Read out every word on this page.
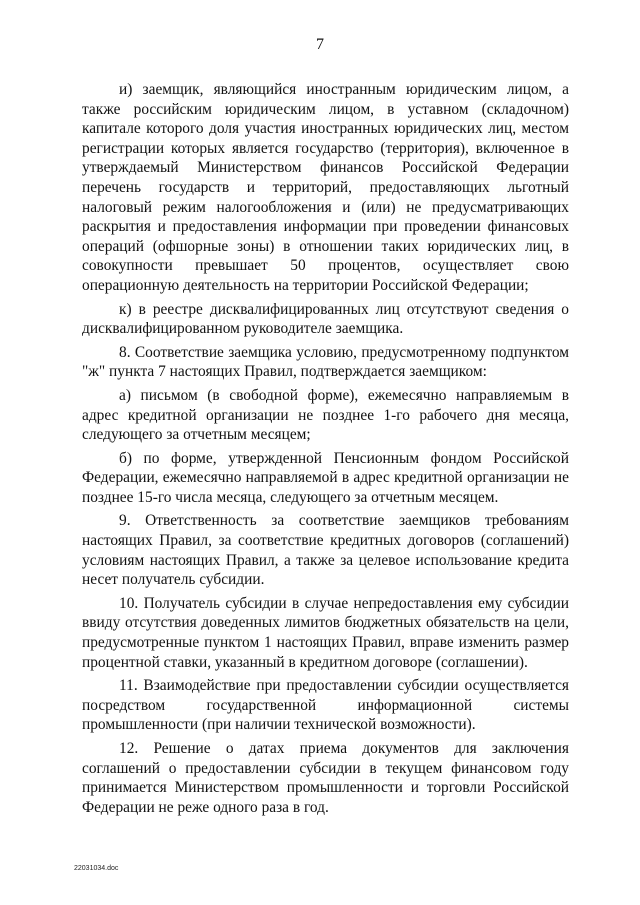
7

и) заемщик, являющийся иностранным юридическим лицом, а также российским юридическим лицом, в уставном (складочном) капитале которого доля участия иностранных юридических лиц, местом регистрации которых является государство (территория), включенное в утверждаемый Министерством финансов Российской Федерации перечень государств и территорий, предоставляющих льготный налоговый режим налогообложения и (или) не предусматривающих раскрытия и предоставления информации при проведении финансовых операций (офшорные зоны) в отношении таких юридических лиц, в совокупности превышает 50 процентов, осуществляет свою операционную деятельность на территории Российской Федерации;

к) в реестре дисквалифицированных лиц отсутствуют сведения о дисквалифицированном руководителе заемщика.

8. Соответствие заемщика условию, предусмотренному подпунктом "ж" пункта 7 настоящих Правил, подтверждается заемщиком:

а) письмом (в свободной форме), ежемесячно направляемым в адрес кредитной организации не позднее 1-го рабочего дня месяца, следующего за отчетным месяцем;

б) по форме, утвержденной Пенсионным фондом Российской Федерации, ежемесячно направляемой в адрес кредитной организации не позднее 15-го числа месяца, следующего за отчетным месяцем.

9. Ответственность за соответствие заемщиков требованиям настоящих Правил, за соответствие кредитных договоров (соглашений) условиям настоящих Правил, а также за целевое использование кредита несет получатель субсидии.

10. Получатель субсидии в случае непредоставления ему субсидии ввиду отсутствия доведенных лимитов бюджетных обязательств на цели, предусмотренные пунктом 1 настоящих Правил, вправе изменить размер процентной ставки, указанный в кредитном договоре (соглашении).

11. Взаимодействие при предоставлении субсидии осуществляется посредством государственной информационной системы промышленности (при наличии технической возможности).

12. Решение о датах приема документов для заключения соглашений о предоставлении субсидии в текущем финансовом году принимается Министерством промышленности и торговли Российской Федерации не реже одного раза в год.

22031034.doc
